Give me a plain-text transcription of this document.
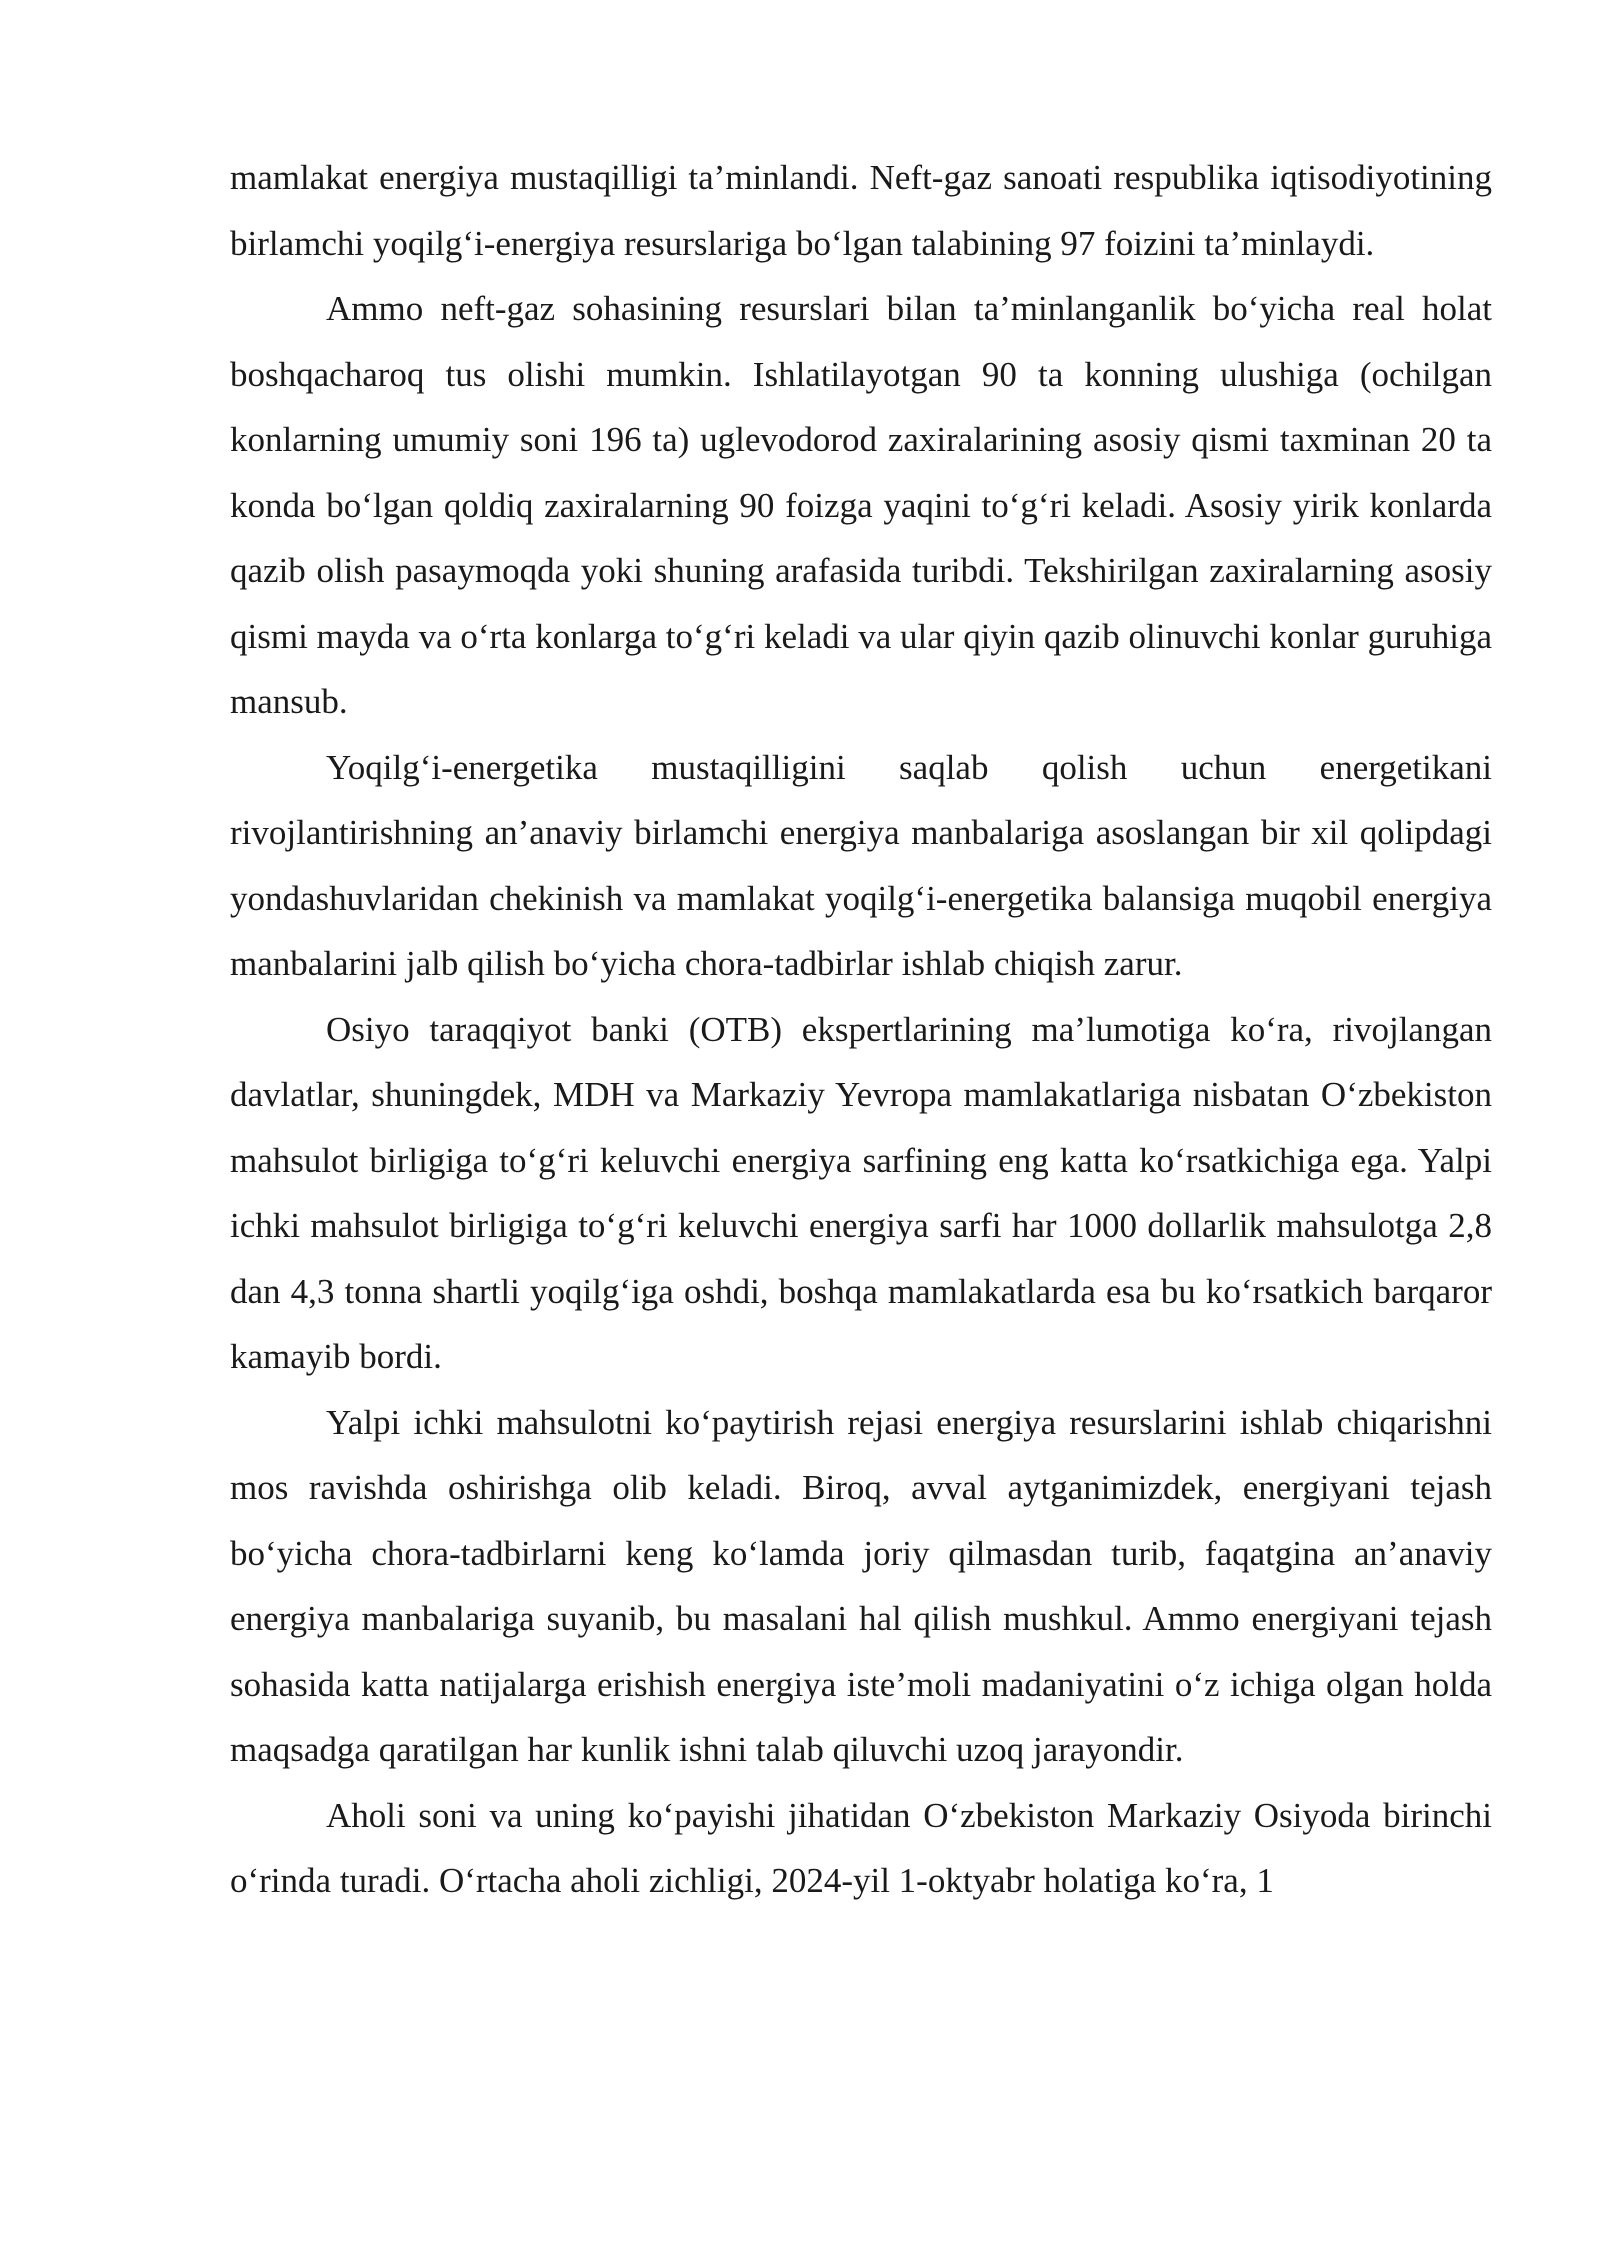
mamlakat energiya mustaqilligi ta’minlandi. Neft-gaz sanoati respublika iqtisodiyotining birlamchi yoqilg‘i-energiya resurslariga bo‘lgan talabining 97 foizini ta’minlaydi.

Ammo neft-gaz sohasining resurslari bilan ta’minlanganlik bo‘yicha real holat boshqacharoq tus olishi mumkin. Ishlatilayotgan 90 ta konning ulushiga (ochilgan konlarning umumiy soni 196 ta) uglevodorod zaxiralarining asosiy qismi taxminan 20 ta konda bo‘lgan qoldiq zaxiralarning 90 foizga yaqini to‘g‘ri keladi. Asosiy yirik konlarda qazib olish pasaymoqda yoki shuning arafasida turibdi. Tekshirilgan zaxiralarning asosiy qismi mayda va o‘rta konlarga to‘g‘ri keladi va ular qiyin qazib olinuvchi konlar guruhiga mansub.

Yoqilg‘i-energetika mustaqilligini saqlab qolish uchun energetikani rivojlantirishning an’anaviy birlamchi energiya manbalariga asoslangan bir xil qolipdagi yondashuvlaridan chekinish va mamlakat yoqilg‘i-energetika balansiga muqobil energiya manbalarini jalb qilish bo‘yicha chora-tadbirlar ishlab chiqish zarur.

Osiyo taraqqiyot banki (OTB) ekspertlarining ma’lumotiga ko‘ra, rivojlangan davlatlar, shuningdek, MDH va Markaziy Yevropa mamlakatlariga nisbatan O‘zbekiston mahsulot birligiga to‘g‘ri keluvchi energiya sarfining eng katta ko‘rsatkichiga ega. Yalpi ichki mahsulot birligiga to‘g‘ri keluvchi energiya sarfi har 1000 dollarlik mahsulotga 2,8 dan 4,3 tonna shartli yoqilg‘iga oshdi, boshqa mamlakatlarda esa bu ko‘rsatkich barqaror kamayib bordi.

Yalpi ichki mahsulotni ko‘paytirish rejasi energiya resurslarini ishlab chiqarishni mos ravishda oshirishga olib keladi. Biroq, avval aytganimizdek, energiyani tejash bo‘yicha chora-tadbirlarni keng ko‘lamda joriy qilmasdan turib, faqatgina an’anaviy energiya manbalariga suyanib, bu masalani hal qilish mushkul. Ammo energiyani tejash sohasida katta natijalarga erishish energiya iste’moli madaniyatini o‘z ichiga olgan holda maqsadga qaratilgan har kunlik ishni talab qiluvchi uzoq jarayondir.

Aholi soni va uning ko‘payishi jihatidan O‘zbekiston Markaziy Osiyoda birinchi o‘rinda turadi. O‘rtacha aholi zichligi, 2024-yil 1-oktyabr holatiga ko‘ra, 1
